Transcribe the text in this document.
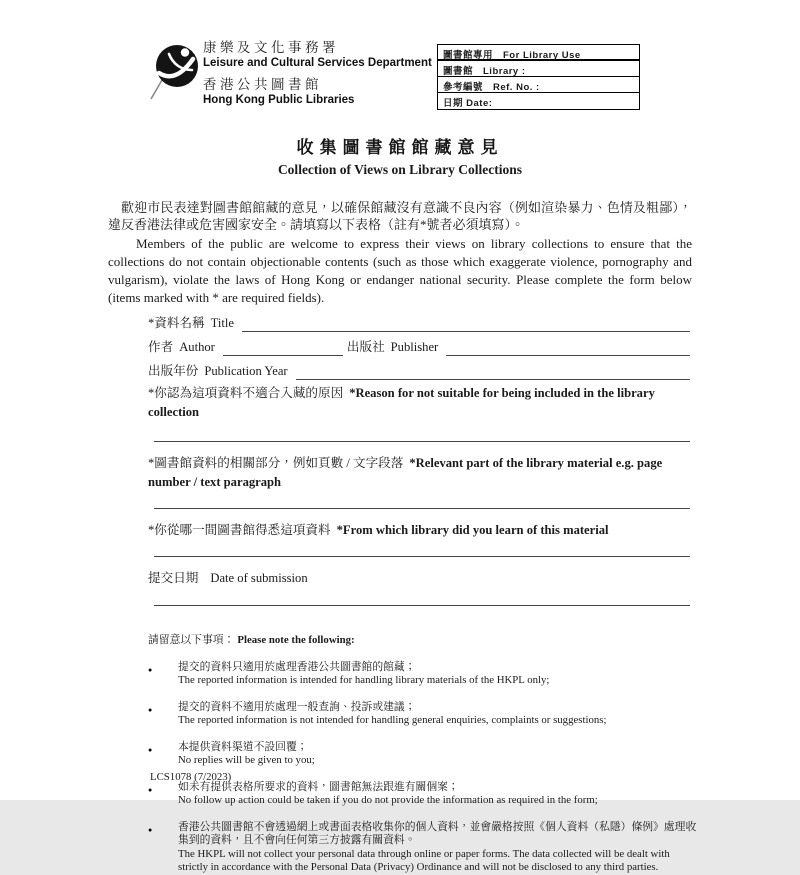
康樂及文化事務署
Leisure and Cultural Services Department
香港公共圖書館
Hong Kong Public Libraries
圖書館專用　For Library Use
圖書館　Library :
參考編號　Ref. No. :
日期 Date:
收集圖書館館藏意見
Collection of Views on Library Collections
歡迎市民表達對圖書館館藏的意見，以確保館藏沒有意識不良內容（例如渲染暴力、色情及粗鄙），違反香港法律或危害國家安全。請填寫以下表格（註有*號者必須填寫）。
Members of the public are welcome to express their views on library collections to ensure that the collections do not contain objectionable contents (such as those which exaggerate violence, pornography and vulgarism), violate the laws of Hong Kong or endanger national security. Please complete the form below (items marked with * are required fields).
*資料名稱 Title
作者 Author	出版社 Publisher
出版年份 Publication Year
*你認為這項資料不適合入藏的原因 *Reason for not suitable for being included in the library collection
*圖書館資料的相關部分，例如頁數 / 文字段落 *Relevant part of the library material e.g. page number / text paragraph
*你從哪一間圖書館得悉這項資料 *From which library did you learn of this material
提交日期 Date of submission
請留意以下事項： Please note the following:
●	提交的資料只適用於處理香港公共圖書館的館藏；
The reported information is intended for handling library materials of the HKPL only;
●	提交的資料不適用於處理一般查詢、投訴或建議；
The reported information is not intended for handling general enquiries, complaints or suggestions;
●	本提供資料渠道不設回覆；
No replies will be given to you;
●	如未有提供表格所要求的資料，圖書館無法跟進有關個案；
No follow up action could be taken if you do not provide the information as required in the form;
●	香港公共圖書館不會透過網上或書面表格收集你的個人資料，並會嚴格按照《個人資料（私隱）條例》處理收集到的資料，且不會向任何第三方披露有關資料。
The HKPL will not collect your personal data through online or paper forms. The data collected will be dealt with strictly in accordance with the Personal Data (Privacy) Ordinance and will not be disclosed to any third parties.
LCS1078 (7/2023)
